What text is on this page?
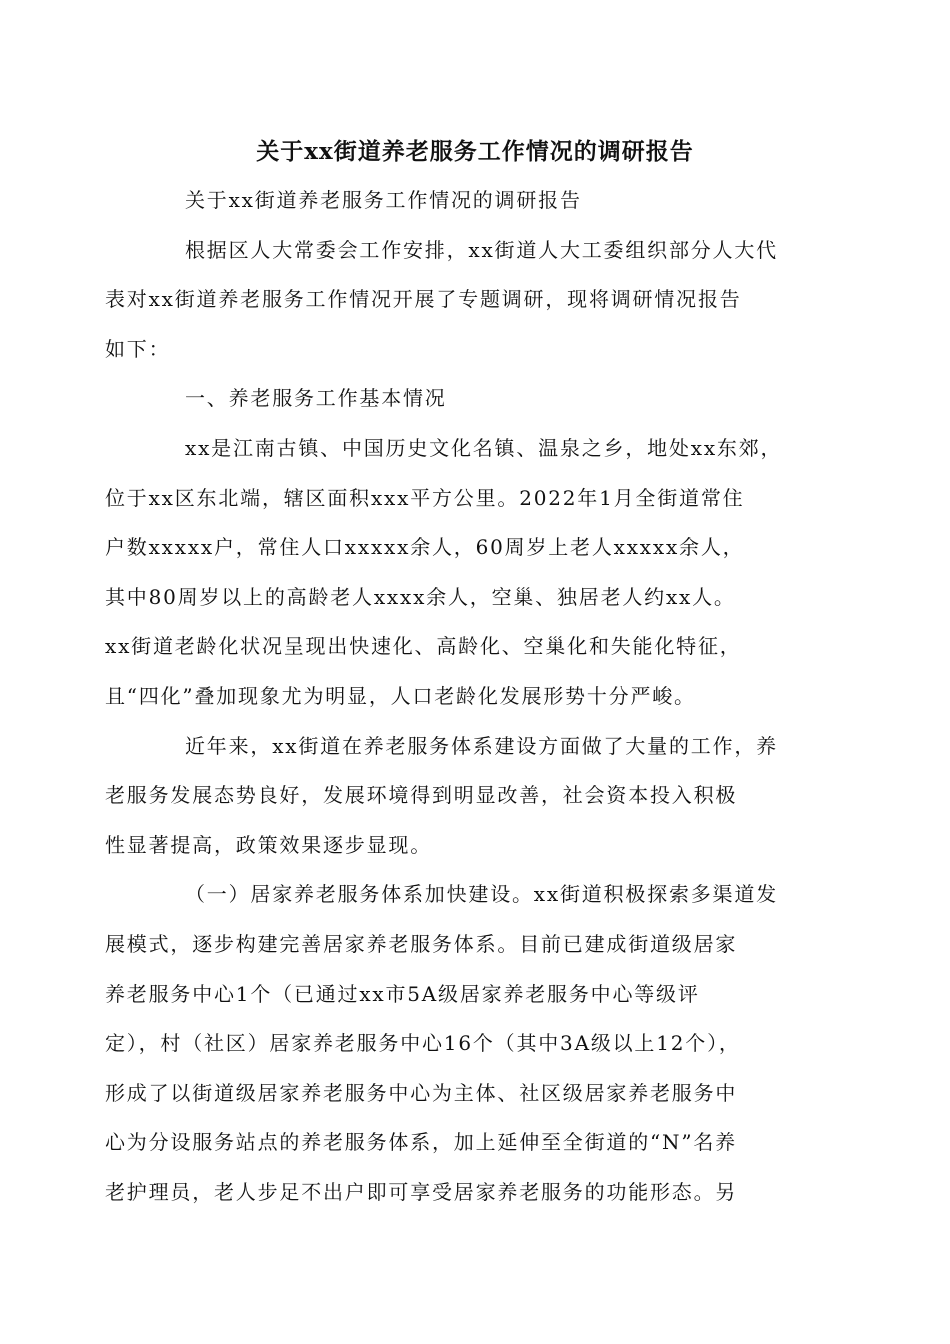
关于xx街道养老服务工作情况的调研报告

关于xx街道养老服务工作情况的调研报告

根据区人大常委会工作安排，xx街道人大工委组织部分人大代
表对xx街道养老服务工作情况开展了专题调研，现将调研情况报告
如下：

一、养老服务工作基本情况

xx是江南古镇、中国历史文化名镇、温泉之乡，地处xx东郊，
位于xx区东北端，辖区面积xxx平方公里。2022年1月全街道常住
户数xxxxx户，常住人口xxxxx余人，60周岁上老人xxxxx余人，
其中80周岁以上的高龄老人xxxx余人，空巢、独居老人约xx人。
xx街道老龄化状况呈现出快速化、高龄化、空巢化和失能化特征，
且“四化”叠加现象尤为明显，人口老龄化发展形势十分严峻。

近年来，xx街道在养老服务体系建设方面做了大量的工作，养
老服务发展态势良好，发展环境得到明显改善，社会资本投入积极
性显著提高，政策效果逐步显现。

（一）居家养老服务体系加快建设。xx街道积极探索多渠道发
展模式，逐步构建完善居家养老服务体系。目前已建成街道级居家
养老服务中心1个（已通过xx市5A级居家养老服务中心等级评
定），村（社区）居家养老服务中心16个（其中3A级以上12个），
形成了以街道级居家养老服务中心为主体、社区级居家养老服务中
心为分设服务站点的养老服务体系，加上延伸至全街道的“N”名养
老护理员，老人步足不出户即可享受居家养老服务的功能形态。另
